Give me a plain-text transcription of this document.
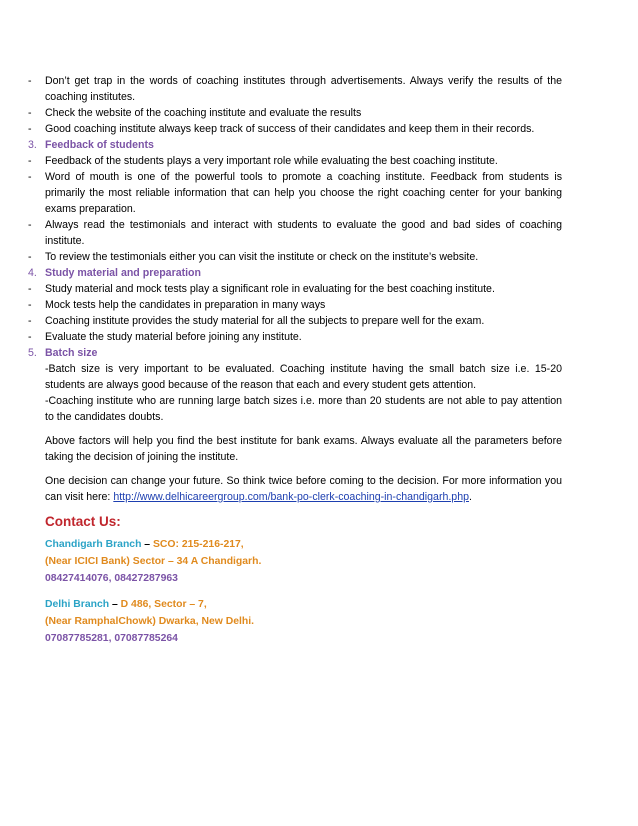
- Don’t get trap in the words of coaching institutes through advertisements. Always verify the results of the coaching institutes.
- Check the website of the coaching institute and evaluate the results
- Good coaching institute always keep track of success of their candidates and keep them in their records.
3. Feedback of students
- Feedback of the students plays a very important role while evaluating the best coaching institute.
- Word of mouth is one of the powerful tools to promote a coaching institute. Feedback from students is primarily the most reliable information that can help you choose the right coaching center for your banking exams preparation.
- Always read the testimonials and interact with students to evaluate the good and bad sides of coaching institute.
- To review the testimonials either you can visit the institute or check on the institute’s website.
4. Study material and preparation
- Study material and mock tests play a significant role in evaluating for the best coaching institute.
- Mock tests help the candidates in preparation in many ways
- Coaching institute provides the study material for all the subjects to prepare well for the exam.
- Evaluate the study material before joining any institute.
5. Batch size
-Batch size is very important to be evaluated. Coaching institute having the small batch size i.e. 15-20 students are always good because of the reason that each and every student gets attention.
-Coaching institute who are running large batch sizes i.e. more than 20 students are not able to pay attention to the candidates doubts.
Above factors will help you find the best institute for bank exams. Always evaluate all the parameters before taking the decision of joining the institute.
One decision can change your future. So think twice before coming to the decision. For more information you can visit here: http://www.delhicareergroup.com/bank-po-clerk-coaching-in-chandigarh.php.
Contact Us:
Chandigarh Branch – SCO: 215-216-217,
(Near ICICI Bank) Sector – 34 A Chandigarh.
08427414076, 08427287963
Delhi Branch – D 486, Sector – 7,
(Near RamphalChowk) Dwarka, New Delhi.
07087785281, 07087785264
